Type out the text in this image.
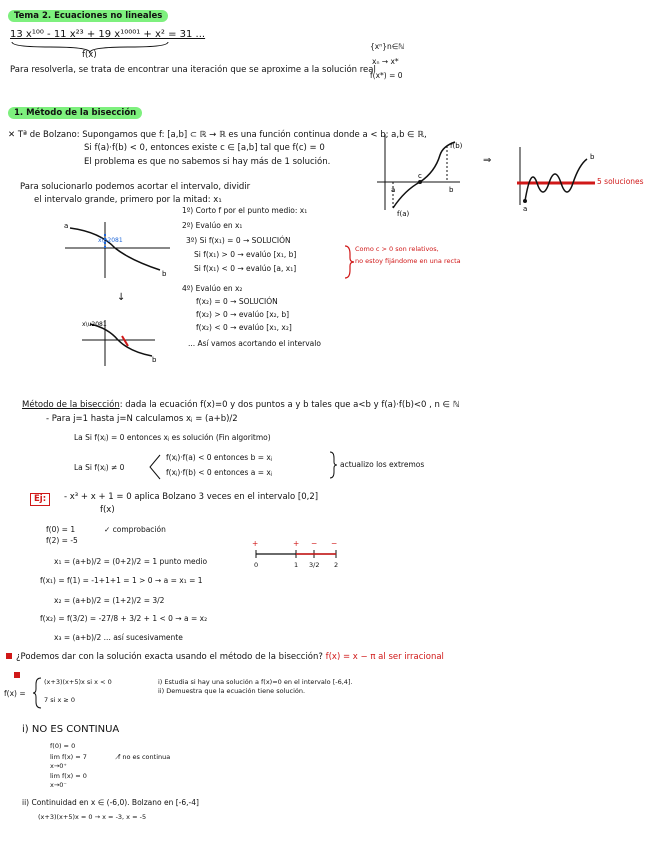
Tema 2. Ecuaciones no lineales
13 x¹⁰⁰ - 11 x²³ + 19 x¹⁰⁰⁰¹ + x² = 31 ...
f(x)
Para resolverla, se trata de encontrar una iteración que se aproxime a la solución real
{xⁿ}n∈ℕ
xₙ → x*
f(x*) = 0
1. Método de la bisección
✕ Tª de Bolzano: Supongamos que f: [a,b] ⊂ ℝ → ℝ es una función continua donde a < b; a,b ∈ ℝ,
Si f(a)·f(b) < 0, entonces existe c ∈ [a,b] tal que f(c) = 0
El problema es que no sabemos si hay más de 1 solución.
a
c
b
f(b)
f(a)
⇒	b
a
5 soluciones
Para solucionarlo podemos acortar el intervalo, dividir
el intervalo grande, primero por la mitad: x₁
a
b
x\u2081
1º) Corto f por el punto medio: x₁
2º) Evalúo en x₁
3º) Si f(x₁) = 0 → SOLUCIÓN
Si f(x₁) > 0 → evalúo [x₁, b]
Si f(x₁) < 0 → evalúo [a, x₁]
Como c > 0 son relativos,
no estoy fijándome en una recta
↓
x\u2081
b
4º) Evalúo en x₂
f(x₂) = 0 → SOLUCIÓN
f(x₂) > 0 → evalúo [x₂, b]
f(x₂) < 0 → evalúo [x₁, x₂]
... Así vamos acortando el intervalo
Método de la bisección: dada la ecuación f(x)=0 y dos puntos a y b tales que a<b y f(a)·f(b)<0 , n ∈ ℕ
- Para j=1 hasta j=N calculamos xⱼ = (a+b)/2
La Si f(xⱼ) = 0 entonces xⱼ es solución (Fin algoritmo)
La Si f(xⱼ) ≠ 0
f(xⱼ)·f(a) < 0 entonces b = xⱼ
f(xⱼ)·f(b) < 0 entonces a = xⱼ
actualizo los extremos
Ej:	- x³ + x + 1 = 0 aplica Bolzano 3 veces en el intervalo [0,2]
f(x)
f(0) = 1
f(2) = -5
✓ comprobación
x₁ = (a+b)/2 = (0+2)/2 = 1 punto medio
f(x₁) = f(1) = -1+1+1 = 1 > 0 → a = x₁ = 1
x₂ = (a+b)/2 = (1+2)/2 = 3/2
f(x₂) = f(3/2) = -27/8 + 3/2 + 1 < 0 → a = x₂
x₃ = (a+b)/2 ... así sucesivamente
+	+ − −
0	1 3/2 2
¿Podemos dar con la solución exacta usando el método de la bisección? f(x) = x − π al ser irracional
f(x) =
(x+3)(x+5)x si x < 0
7 si x ≥ 0
i) Estudia si hay una solución a f(x)=0 en el intervalo [-6,4].
ii) Demuestra que la ecuación tiene solución.
i) NO ES CONTINUA
f(0) = 0
lim f(x) = 7
x→0⁺
lim f(x) = 0
x→0⁻
f̸ no es continua
ii) Continuidad en x ∈ (-6,0). Bolzano en [-6,-4]
(x+3)(x+5)x = 0 → x = -3, x = -5
